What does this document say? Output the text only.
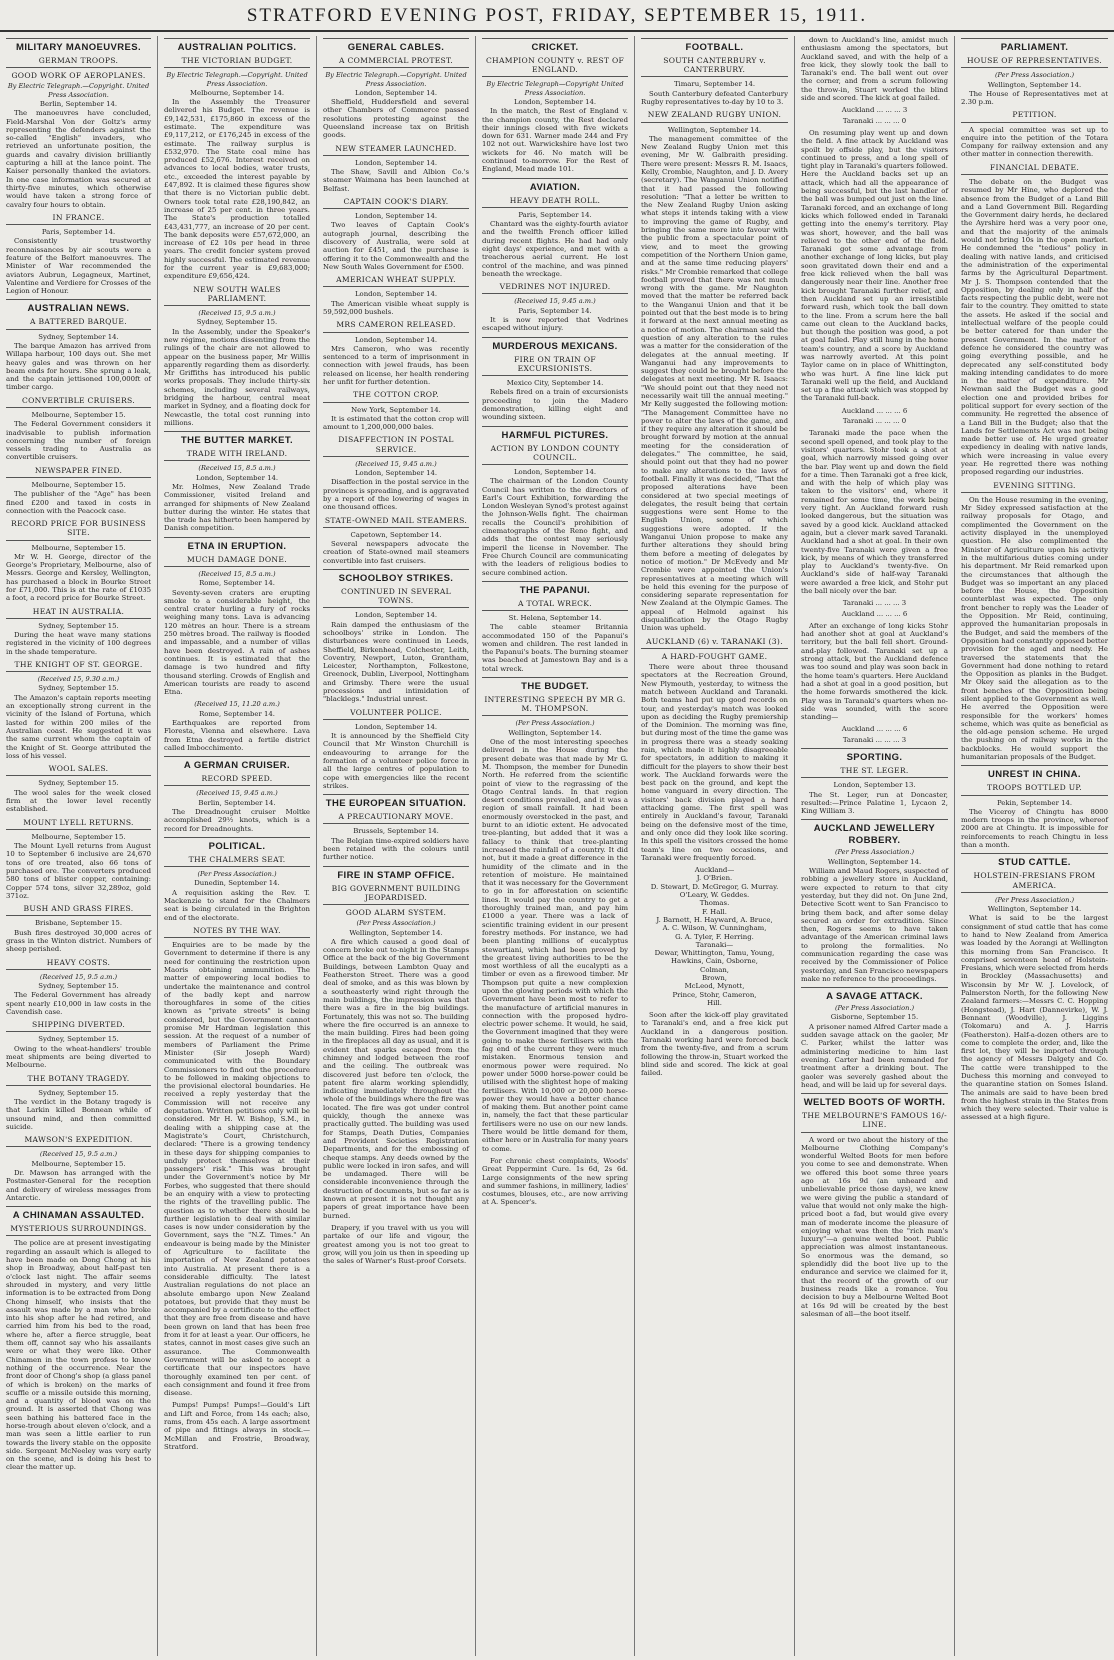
STRATFORD EVENING POST, FRIDAY, SEPTEMBER 15, 1911.
MILITARY MANOEUVRES.
GERMAN TROOPS.
GOOD WORK OF AEROPLANES.
By Electric Telegraph.—Copyright. United Press Association.
Berlin, September 14.

The manoeuvres have concluded, Field-Marshal Von der Goltz's army representing the defenders against the so-called "English" invaders, who retrieved an unfortunate position, the guards and cavalry division brilliantly capturing a hill at the lance point. The Kaiser personally thanked the aviators. In one case information was secured at thirty-five minutes, which otherwise would have taken a strong force of cavalry four hours to obtain.

IN FRANCE.
Paris, September 14.

Consistently trustworthy reconnaissances by air scouts were a feature of the Belfort manoeuvres. The Minister of War recommended the aviators Aubrun, Legagneux, Martinet, Valentine and Verdiere for Crosses of the Legion of Honour.

AUSTRALIAN NEWS.
A BATTERED BARQUE.
Sydney, September 14.

The barque Amazon has arrived from Willapa harbour, 100 days out. She met heavy gales and was thrown on her beam ends for hours. She sprung a leak, and the captain jettisoned 100,000ft of timber cargo.

CONVERTIBLE CRUISERS.
Melbourne, September 15.

The Federal Government considers it inadvisable to publish information concerning the number of foreign vessels trading to Australia as convertible cruisers.

NEWSPAPER FINED.
Melbourne, September 15.

The publisher of the "Age" has been fined £200 and taxed in costs in connection with the Peacock case.

RECORD PRICE FOR BUSINESS SITE.
Melbourne, September 15.

Mr W. H. George, director of the George's Proprietary, Melbourne, also of Messrs. George and Kersley, Wellington, has purchased a block in Bourke Street for £71,000. This is at the rate of £1035 a foot, a record price for Bourke Street.

HEAT IN AUSTRALIA.
Sydney, September 15.

During the heat wave many stations registered in the vicinity of 100 degrees in the shade temperature.

THE KNIGHT OF ST. GEORGE.
(Received 15, 9.30 a.m.)
Sydney, September 15.

The Amazon's captain reports meeting an exceptionally strong current in the vicinity of the Island of Fortuna, which lasted for within 200 miles of the Australian coast. He suggested it was the same current whom the captain of the Knight of St. George attributed the loss of his vessel.

WOOL SALES.
Sydney, September 15.

The wool sales for the week closed firm at the lower level recently established.

MOUNT LYELL RETURNS.
Melbourne, September 15.

The Mount Lyell returns from August 10 to September 6 inclusive are 24,670 tons of ore treated, also 66 tons of purchased ore. The converters produced 580 tons of blister copper, containing: Copper 574 tons, silver 32,289oz, gold 371oz.

BUSH AND GRASS FIRES.
Brisbane, September 15.

Bush fires destroyed 30,000 acres of grass in the Winton district. Numbers of sheep perished.

HEAVY COSTS.
(Received 15, 9.5 a.m.)
Sydney, September 15.

The Federal Government has already spent nearly £10,000 in law costs in the Cavendish case.

SHIPPING DIVERTED.
Sydney, September 15.

Owing to the wheat-handlers' trouble meat shipments are being diverted to Melbourne.

THE BOTANY TRAGEDY.
Sydney, September 15.

The verdict in the Botany tragedy is that Larkin killed Bonnean while of unsound mind, and then committed suicide.

MAWSON'S EXPEDITION.
(Received 15, 9.5 a.m.)
Melbourne, September 15.

Dr. Mawson has arranged with the Postmaster-General for the reception and delivery of wireless messages from Antarctic.

A CHINAMAN ASSAULTED.
MYSTERIOUS SURROUNDINGS.

The police are at present investigating regarding an assault which is alleged to have been made on Dong Chong at his shop in Broadway, about half-past ten o'clock last night. The affair seems shrouded in mystery, and very little information is to be extracted from Dong Chong himself, who insists that the assault was made by a man who broke into his shop after he had retired, and carried him from his bed to the road, where he, after a fierce struggle, beat them off, cannot say who his assailants were or what they were like. Other Chinamen in the town profess to know nothing of the occurrence. Near the front door of Chong's shop (a glass panel of which is broken) on the marks of scuffle or a missile outside this morning, and a quantity of blood was on the ground. It is asserted that Chong was seen bathing his battered face in the horse-trough about eleven o'clock, and a man was seen a little earlier to run towards the livery stable on the opposite side. Sergeant McNeeley was very early on the scene, and is doing his best to clear the matter up.

AUSTRALIAN POLITICS.
THE VICTORIAN BUDGET.
By Electric Telegraph.—Copyright. United Press Association.
Melbourne, September 14.

In the Assembly the Treasurer delivered his Budget. The revenue is £9,142,531, £175,860 in excess of the estimate. The expenditure was £9,117,212, or £176,245 in excess of the estimate. The railway surplus is £532,970. The State coal mine has produced £52,676. Interest received on advances to local bodies, water trusts, etc., exceeded the interest payable by £47,892. It is claimed these figures show that there is no Victorian public debt. Owners took total rate £28,190,842, an increase of 25 per cent. in three years. The State's production totalled £43,431,777, an increase of 20 per cent. The bank deposits were £57,672,000, an increase of £2 10s per head in three years. The credit foncier system proved highly successful. The estimated revenue for the current year is £9,683,000; expenditure £9,656,424.

NEW SOUTH WALES PARLIAMENT.
(Received 15, 9.5 a.m.)
Sydney, September 15.

In the Assembly, under the Speaker's new régime, motions dissenting from the rulings of the chair are not allowed to appear on the business paper, Mr Willis apparently regarding them as disorderly. Mr Griffiths has introduced his public works proposals. They include thirty-six schemes, including several railways, bridging the harbour, central meat market in Sydney, and a floating dock for Newcastle, the total cost running into millions.

THE BUTTER MARKET.
TRADE WITH IRELAND.
(Received 15, 8.5 a.m.)
London, September 14.

Mr. Holmes, New Zealand Trade Commissioner, visited Ireland and arranged for shipments of New Zealand butter during the winter. He states that the trade has hitherto been hampered by Danish competition.

ETNA IN ERUPTION.
MUCH DAMAGE DONE.
(Received 15, 8.5 a.m.)
Rome, September 14.

Seventy-seven craters are erupting smoke to a considerable height, the central crater hurling a fury of rocks weighing many tons. Lava is advancing 120 mètres an hour. There is a stream 250 mètres broad. The railway is flooded and impassable, and a number of villas have been destroyed. A rain of ashes continues. It is estimated that the damage is two hundred and fifty thousand sterling. Crowds of English and American tourists are ready to ascend Etna.

(Received 15, 11.20 a.m.)
Rome, September 14.

Earthquakes are reported from Floresta, Vienna and elsewhere. Lava from Etna destroyed a fertile district called Imbocchimento.

A GERMAN CRUISER.
RECORD SPEED.
(Received 15, 9.45 a.m.)
Berlin, September 14.

The Dreadnought cruiser Moltke accomplished 29½ knots, which is a record for Dreadnoughts.

POLITICAL.
THE CHALMERS SEAT.
(Per Press Association.)
Dunedin, September 14.

A requisition asking the Rev. T. Mackenzie to stand for the Chalmers seat is being circulated in the Brighton end of the electorate.

NOTES BY THE WAY.

Enquiries are to be made by the Government to determine if there is any need for continuing the restriction upon Maoris obtaining ammunition. The matter of empowering local bodies to undertake the maintenance and control of the badly kept and narrow thoroughfares in some of the cities known as "private streets" is being considered, but the Government cannot promise Mr Hardman legislation this session. At the request of a number of members of Parliament the Prime Minister (Sir Joseph Ward) communicated with the Boundary Commissioners to find out the procedure to be followed in making objections to the provisional electoral boundaries. He received a reply yesterday that the Commission will not receive any deputation. Written petitions only will be considered. Mr H. W. Bishop, S.M., in dealing with a shipping case at the Magistrate's Court, Christchurch, declared: "There is a growing tendency in these days for shipping companies to unduly protect themselves at their passengers' risk." This was brought under the Government's notice by Mr Forbes, who suggested that there should be an enquiry with a view to protecting the rights of the travelling public. The question as to whether there should be further legislation to deal with similar cases is now under consideration by the Government, says the "N.Z. Times." An endeavour is being made by the Minister of Agriculture to facilitate the importation of New Zealand potatoes into Australia. At present there is a considerable difficulty. The latest Australian regulations do not place an absolute embargo upon New Zealand potatoes, but provide that they must be accompanied by a certificate to the effect that they are free from disease and have been grown on land that has been free from it for at least a year. Our officers, he states, cannot in most cases give such an assurance. The Commonwealth Government will be asked to accept a certificate that our inspectors have thoroughly examined ten per cent. of each consignment and found it free from disease.

Pumps! Pumps! Pumps!—Gould's Lift and Lift and Force, from 14s each; also, rams, from 45s each. A large assortment of pipe and fittings always in stock.—McMillan and Frostrie, Broadway, Stratford.

GENERAL CABLES.
A COMMERCIAL PROTEST.
By Electric Telegraph.—Copyright. United Press Association.
London, September 14.

Sheffield, Huddersfield and several other Chambers of Commerce passed resolutions protesting against the Queensland increase tax on British goods.

NEW STEAMER LAUNCHED.
London, September 14.

The Shaw, Savill and Albion Co.'s steamer Waimana has been launched at Belfast.

CAPTAIN COOK'S DIARY.
London, September 14.

Two leaves of Captain Cook's autograph journal, describing the discovery of Australia, were sold at auction for £451, and the purchase is offering it to the Commonwealth and the New South Wales Government for £500.

AMERICAN WHEAT SUPPLY.
London, September 14.

The American visible wheat supply is 59,592,000 bushels.

MRS CAMERON RELEASED.
London, September 14.

Mrs Cameron, who was recently sentenced to a term of imprisonment in connection with jewel frauds, has been released on license, her health rendering her unfit for further detention.

THE COTTON CROP.
New York, September 14.

It is estimated that the cotton crop will amount to 1,200,000,000 bales.

DISAFFECTION IN POSTAL SERVICE.
(Received 15, 9.45 a.m.)
London, September 14.

Disaffection in the postal service in the provinces is spreading, and is aggravated by a report of the lowering of wages in one thousand offices.

STATE-OWNED MAIL STEAMERS.
Capetown, September 14.

Several newspapers advocate the creation of State-owned mail steamers convertible into fast cruisers.

SCHOOLBOY STRIKES.
CONTINUED IN SEVERAL TOWNS.
London, September 14.

Rain damped the enthusiasm of the schoolboys' strike in London. The disturbances were continued in Leeds, Sheffield, Birkenhead, Colchester, Leith, Coventry, Newport, Luton, Grantham, Leicester, Northampton, Folkestone, Greenock, Dublin, Liverpool, Nottingham and Grimsby. There were the usual processions and intimidation of "blacklegs." Industrial unrest.

VOLUNTEER POLICE.
London, September 14.

It is announced by the Sheffield City Council that Mr Winston Churchill is endeavouring to arrange for the formation of a volunteer police force in all the large centres of population to cope with emergencies like the recent strikes.

THE EUROPEAN SITUATION.
A PRECAUTIONARY MOVE.
Brussels, September 14.

The Belgian time-expired soldiers have been retained with the colours until further notice.

FIRE IN STAMP OFFICE.
BIG GOVERNMENT BUILDING JEOPARDISED.
GOOD ALARM SYSTEM.
(Per Press Association.)
Wellington, September 14.

A fire which caused a good deal of concern broke out to-night in the Stamps Office at the back of the big Government Buildings, between Lambton Quay and Featherston Street. There was a good deal of smoke, and as this was blown by a southeasterly wind right through the main buildings, the impression was that there was a fire in the big buildings. Fortunately, this was not so. The building where the fire occurred is an annexe to the main building. Fires had been going in the fireplaces all day as usual, and it is evident that sparks escaped from the chimney and lodged between the roof and the ceiling. The outbreak was discovered just before ten o'clock, the patent fire alarm working splendidly, indicating immediately throughout the whole of the buildings where the fire was located. The fire was got under control quickly, though the annexe was practically gutted. The building was used for Stamps, Death Duties, Companies and Provident Societies Registration Departments, and for the embossing of cheque stamps. Any deeds owned by the public were locked in iron safes, and will be undamaged. There will be considerable inconvenience through the destruction of documents, but so far as is known at present it is not thought any papers of great importance have been burned.

Drapery, if you travel with us you will partake of our life and vigour, the greatest among you is not too great to grow, will you join us then in speeding up the sales of Warner's Rust-proof Corsets.

CRICKET.
CHAMPION COUNTY v. REST OF ENGLAND.
By Electric Telegraph—Copyright United Press Association.
London, September 14.

In the match, the Rest of England v. the champion county, the Rest declared their innings closed with five wickets down for 631. Warner made 244 and Fry 102 not out. Warwickshire have lost two wickets for 46. No match will be continued to-morrow. For the Rest of England, Mead made 101.

AVIATION.
HEAVY DEATH ROLL.
Paris, September 14.

Chantard was the eighty-fourth aviator and the twelfth French officer killed during recent flights. He had had only eight days' experience, and met with a treacherous aerial current. He lost control of the machine, and was pinned beneath the wreckage.

VEDRINES NOT INJURED.
(Received 15, 9.45 a.m.)
Paris, September 14.

It is now reported that Vedrines escaped without injury.

MURDEROUS MEXICANS.
FIRE ON TRAIN OF EXCURSIONISTS.
Mexico City, September 14.

Rebels fired on a train of excursionists proceeding to join the Madero demonstration, killing eight and wounding sixteen.

HARMFUL PICTURES.
ACTION BY LONDON COUNTY COUNCIL.
London, September 14.

The chairman of the London County Council has written to the directors of Earl's Court Exhibition, forwarding the London Wesleyan Synod's protest against the Johnson-Wells fight. The chairman recalls the Council's prohibition of cinematographs of the Reno fight, and adds that the contest may seriously imperil the license in November. The Free Church Council are communicating with the leaders of religious bodies to secure combined action.

THE PAPANUI.
A TOTAL WRECK.
St. Helena, September 14.

The cable steamer Britannia accommodated 150 of the Papanui's women and children. The rest landed in the Papanui's boats. The burning steamer was beached at Jamestown Bay and is a total wreck.

THE BUDGET.
INTERESTING SPEECH BY MR G. M. THOMPSON.
(Per Press Association.)
Wellington, September 14.

One of the most interesting speeches delivered in the House during the present debate was that made by Mr G. M. Thompson, the member for Dunedin North. He referred from the scientific point of view to the regrassing of the Otago Central lands. In that region desert conditions prevailed, and it was a region of small rainfall. It had been enormously overstocked in the past, and burnt to an idiotic extent. He advocated tree-planting, but added that it was a fallacy to think that tree-planting increased the rainfall of a country. It did not, but it made a great difference in the humidity of the climate and in the retention of moisture. He maintained that it was necessary for the Government to go in for afforestation on scientific lines. It would pay the country to get a thoroughly trained man, and pay him £1000 a year. There was a lack of scientific training evident in our present forestry methods. For instance, we had been planting millions of eucalyptus stewartiani, which had been proved by the greatest living authorities to be the most worthless of all the eucalypti as a timber or even as a firewood timber. Mr Thompson put quite a new complexion upon the glowing periods with which the Government have been most to refer to the manufacture of artificial manures in connection with the proposed hydro-electric power scheme. It would, he said, the Government imagined that they were going to make these fertilisers with the fag end of the current they were much mistaken. Enormous tension and enormous power were required. No power under 5000 horse-power could be utilised with the slightest hope of making fertilisers. With 10,000 or 20,000 horse-power they would have a better chance of making them. But another point came in, namely, the fact that these particular fertilisers were no use on our new lands. There would be little demand for them, either here or in Australia for many years to come.

For chronic chest complaints, Woods' Great Peppermint Cure. 1s 6d, 2s 6d. Large consignments of the new spring and summer fashions, in millinery, ladies' costumes, blouses, etc., are now arriving at A. Spencer's.

FOOTBALL.
SOUTH CANTERBURY v. CANTERBURY.
Timaru, September 14.

South Canterbury defeated Canterbury Rugby representatives to-day by 10 to 3.

NEW ZEALAND RUGBY UNION.
Wellington, September 14.

The management committee of the New Zealand Rugby Union met this evening, Mr W. Galbraith presiding. There were present: Messrs R. M. Isaacs, Kelly, Crombie, Naughton, and J. D. Avery (secretary). The Wanganui Union notified that it had passed the following resolution: "That a letter be written to the New Zealand Rugby Union asking what steps it intends taking with a view to improving the game of Rugby, and bringing the same more into favour with the public from a spectacular point of view, and to meet the growing competition of the Northern Union game, and at the same time reducing players' risks." Mr Crombie remarked that college football proved that there was not much wrong with the game. Mr Naughton moved that the matter be referred back to the Wanganui Union and that it be pointed out that the best mode is to bring it forward at the next annual meeting as a notice of motion. The chairman said the question of any alteration to the rules was a matter for the consideration of the delegates at the annual meeting. If Wanganui had any improvements to suggest they could be brought before the delegates at next meeting. Mr R. Isaacs: "We should point out that they need not necessarily wait till the annual meeting." Mr Kelly suggested the following motion: "The Management Committee have no power to alter the laws of the game, and if they require any alteration it should be brought forward by motion at the annual meeting for the consideration of delegates." The committee, he said, should point out that they had no power to make any alterations to the laws of football. Finally it was decided, "That the proposed alterations have been considered at two special meetings of delegates, the result being that certain suggestions were sent Home to the English Union, some of which suggestions were adopted. If the Wanganui Union propose to make any further alterations they should bring them before a meeting of delegates by notice of motion." Dr McEvedy and Mr Crombie were appointed the Union's representatives at a meeting which will be held this evening for the purpose of considering separate representation for New Zealand at the Olympic Games. The appeal of Helmold against his disqualification by the Otago Rugby Union was upheld.

AUCKLAND (6) v. TARANAKI (3).
A HARD-FOUGHT GAME.

There were about three thousand spectators at the Recreation Ground, New Plymouth, yesterday, to witness the match between Auckland and Taranaki. Both teams had put up good records on tour, and yesterday's match was looked upon as deciding the Rugby premiership of the Dominion. The morning was fine, but during most of the time the game was in progress there was a steady soaking rain, which made it highly disagreeable for spectators, in addition to making it difficult for the players to show their best work. The Auckland forwards were the best pack on the ground, and kept the home vanguard in every direction. The visitors' back division played a hard attacking game. The first spell was entirely in Auckland's favour, Taranaki being on the defensive most of the time, and only once did they look like scoring. In this spell the visitors crossed the home team's line on two occasions, and Taranaki were frequently forced.

Auckland—
J. O'Brien.
D. Stewart, D. McGregor, G. Murray.
O'Leary, W. Geddes.
Thomas.
F. Hall.
J. Barnett, H. Hayward, A. Bruce,
A. C. Wilson, W. Cunningham,
G. A. Tyler, F. Herring.
Taranaki—
Dewar, Whittington, Tamu, Young,
Hawkins, Cain, Osborne,
Colman,
Brown,
McLeod, Mynott,
Prince, Stohr, Cameron,
Hill.

Soon after the kick-off play gravitated to Taranaki's end, and a free kick put Auckland in a dangerous position. Taranaki working hard were forced back from the twenty-five, and from a scrum following the throw-in, Stuart worked the blind side and scored. The kick at goal failed.

down to Auckland's line, amidst much enthusiasm among the spectators, but Auckland saved, and with the help of a free kick, they slowly took the ball to Taranaki's end. The ball went out over the corner, and from a scrum following the throw-in, Stuart worked the blind side and scored. The kick at goal failed.

Auckland ... ... ... 3
Taranaki ... ... ... 0

On resuming play went up and down the field. A fine attack by Auckland was spoilt by offside play, but the visitors continued to press, and a long spell of tight play in Taranaki's quarters followed. Here the Auckland backs set up an attack, which had all the appearance of being successful, but the last handler of the ball was bumped out just on the line. Taranaki forced, and an exchange of long kicks which followed ended in Taranaki getting into the enemy's territory. Play was short, however, and the ball was relieved to the other end of the field. Taranaki got some advantage from another exchange of long kicks, but play soon gravitated down their end and a free kick relieved when the ball was dangerously near their line. Another free kick brought Taranaki further relief, and then Auckland set up an irresistible forward rush, which took the ball down to the line. From a scrum here the ball came out clean to the Auckland backs, but though the position was good, a pot at goal failed. Play still hung in the home team's country, and a score by Auckland was narrowly averted. At this point Taylor came on in place of Whittington, who was hurt. A fine line kick put Taranaki well up the field, and Auckland set up a fine attack which was stopped by the Taranaki full-back.

Auckland ... ... ... 6
Taranaki ... ... ... 0

Taranaki made the pace when the second spell opened, and took play to the visitors' quarters. Stohr took a shot at goal, which narrowly missed going over the bar. Play went up and down the field for a time. Then Taranaki got a free kick, and with the help of which play was taken to the visitors' end, where it remained for some time, the work being very tight. An Auckland forward rush looked dangerous, but the situation was saved by a good kick. Auckland attacked again, but a clever mark saved Taranaki. Auckland had a shot at goal. In their own twenty-five Taranaki were given a free kick, by means of which they transferred play to Auckland's twenty-five. On Auckland's side of half-way Taranaki were awarded a free kick, and Stohr put the ball nicely over the bar.

Taranaki ... ... ... 3
Auckland ... ... ... 6

After an exchange of long kicks Stohr had another shot at goal at Auckland's territory, but the ball fell short. Ground-and-play followed. Taranaki set up a strong attack, but the Auckland defence was too sound and play was soon back in the home team's quarters. Here Auckland had a shot at goal in a good position, but the home forwards smothered the kick. Play was in Taranaki's quarters when no-side was sounded, with the score standing—

Auckland ... ... ... 6
Taranaki ... ... ... 3
SPORTING.
THE ST. LEGER.
London, September 13.

The St. Leger, run at Doncaster, resulted:—Prince Palatine 1, Lycaon 2, King William 3.

AUCKLAND JEWELLERY ROBBERY.
(Per Press Association.)
Wellington, September 14.

William and Maud Rogers, suspected of robbing a jewellery store in Auckland, were expected to return to that city yesterday, but they did not. On June 2nd, Detective Scott went to San Francisco to bring them back, and after some delay secured an order for extradition. Since then, Rogers seems to have taken advantage of the American criminal laws to prolong the formalities. No communication regarding the case was received by the Commissioner of Police yesterday, and San Francisco newspapers make no reference to the proceedings.

A SAVAGE ATTACK.
(Per Press Association.)
Gisborne, September 15.

A prisoner named Alfred Carter made a sudden savage attack on the gaoler, Mr C. Parker, whilst the latter was administering medicine to him last evening. Carter had been remanded for treatment after a drinking bout. The gaoler was severely gashed about the head, and will be laid up for several days.

WELTED BOOTS OF WORTH.
THE MELBOURNE'S FAMOUS 16/- LINE.

A word or two about the history of the Melbourne Clothing Company's wonderful Welted Boots for men before you come to see and demonstrate. When we offered this boot some three years ago at 16s 9d (an unheard and unbelievable price those days), we knew we were giving the public a standard of value that would not only make the high-priced boot a fad, but would give every man of moderate income the pleasure of enjoying what was then the "rich man's luxury"—a genuine welted boot. Public appreciation was almost instantaneous. So enormous was the demand, so splendidly did the boot live up to the endurance and service we claimed for it, that the record of the growth of our business reads like a romance. You decision to buy a Melbourne Welted Boot at 16s 9d will be created by the best salesman of all—the boot itself.

PARLIAMENT.
HOUSE OF REPRESENTATIVES.
(Per Press Association.)
Wellington, September 14.

The House of Representatives met at 2.30 p.m.

PETITION.

A special committee was set up to enquire into the petition of the Totara Company for railway extension and any other matter in connection therewith.

FINANCIAL DEBATE.

The debate on the Budget was resumed by Mr Hine, who deplored the absence from the Budget of a Land Bill and a Land Government Bill. Regarding the Government dairy herds, he declared the Ayrshire herd was a very poor one, and that the majority of the animals would not bring 10s in the open market. He condemned the "tedious" policy in dealing with native lands, and criticised the administration of the experimental farms by the Agricultural Department. Mr J. S. Thompson contended that the Opposition, by dealing only in half the facts respecting the public debt, were not fair to the country. They omitted to state the assets. He asked if the social and intellectual welfare of the people could be better catered for than under the present Government. In the matter of defence he considered the country was going everything possible, and he deprecated any self-constituted body making intending candidates to do more in the matter of expenditure. Mr Newman said the Budget was a good election one and provided bribes for political support for every section of the community. He regretted the absence of a Land Bill in the Budget; also that the Lands for Settlements Act was not being made better use of. He urged greater expediency in dealing with native lands, which were increasing in value every year. He regretted there was nothing proposed regarding our industries.

EVENING SITTING.

On the House resuming in the evening, Mr Sidey expressed satisfaction at the railway proposals for Otago, and complimented the Government on the activity displayed in the unemployed question. He also complimented the Minister of Agriculture upon his activity in the multifarious duties coming under his department. Mr Reid remarked upon the circumstances that although the Budget was so important an any placed before the House, the Opposition counterblast was expected. The only front bencher to reply was the Leader of the Opposition. Mr Reid, continuing, approved the humanitarian proposals in the Budget, and said the members of the Opposition had constantly opposed better provision for the aged and needy. He traversed the statements that the Government had done nothing to retard the Opposition as planks in the Budget. Mr Okey said the allegation as to the front benches of the Opposition being silent applied to the Government as well. He averred the Opposition were responsible for the workers' homes scheme, which was quite as beneficial as the old-age pension scheme. He urged the pushing on of railway works in the backblocks. He would support the humanitarian proposals of the Budget.

UNREST IN CHINA.
TROOPS BOTTLED UP.
Pekin, September 14.

The Viceroy of Chingtu has 8000 modern troops in the province, whereof 2000 are at Chingtu. It is impossible for reinforcements to reach Chingtu in less than a month.

STUD CATTLE.
HOLSTEIN-FRESIANS FROM AMERICA.
(Per Press Association.)
Wellington, September 14.

What is said to be the largest consignment of stud cattle that has come to hand to New Zealand from America was loaded by the Aorangi at Wellington this morning from San Francisco. It comprised seventeen head of Holstein-Fresians, which were selected from herds in Brockley (Massachusetts) and Wisconsin by Mr W. J. Lovelock, of Palmerston North, for the following New Zealand farmers:—Messrs C. C. Hopping (Hongstead), J. Hart (Dannevirke), W. J. Bennant (Woodville), J. Liggins (Tokomaru) and A. J. Harris (Featherston). Half-a-dozen others are to come to complete the order, and, like the first lot, they will be imported through the agency of Messrs Dalgety and Co. The cattle were transhipped to the Duchess this morning and conveyed to the quarantine station on Somes Island. The animals are said to have been bred from the highest strain in the States from which they were selected. Their value is assessed at a high figure.
